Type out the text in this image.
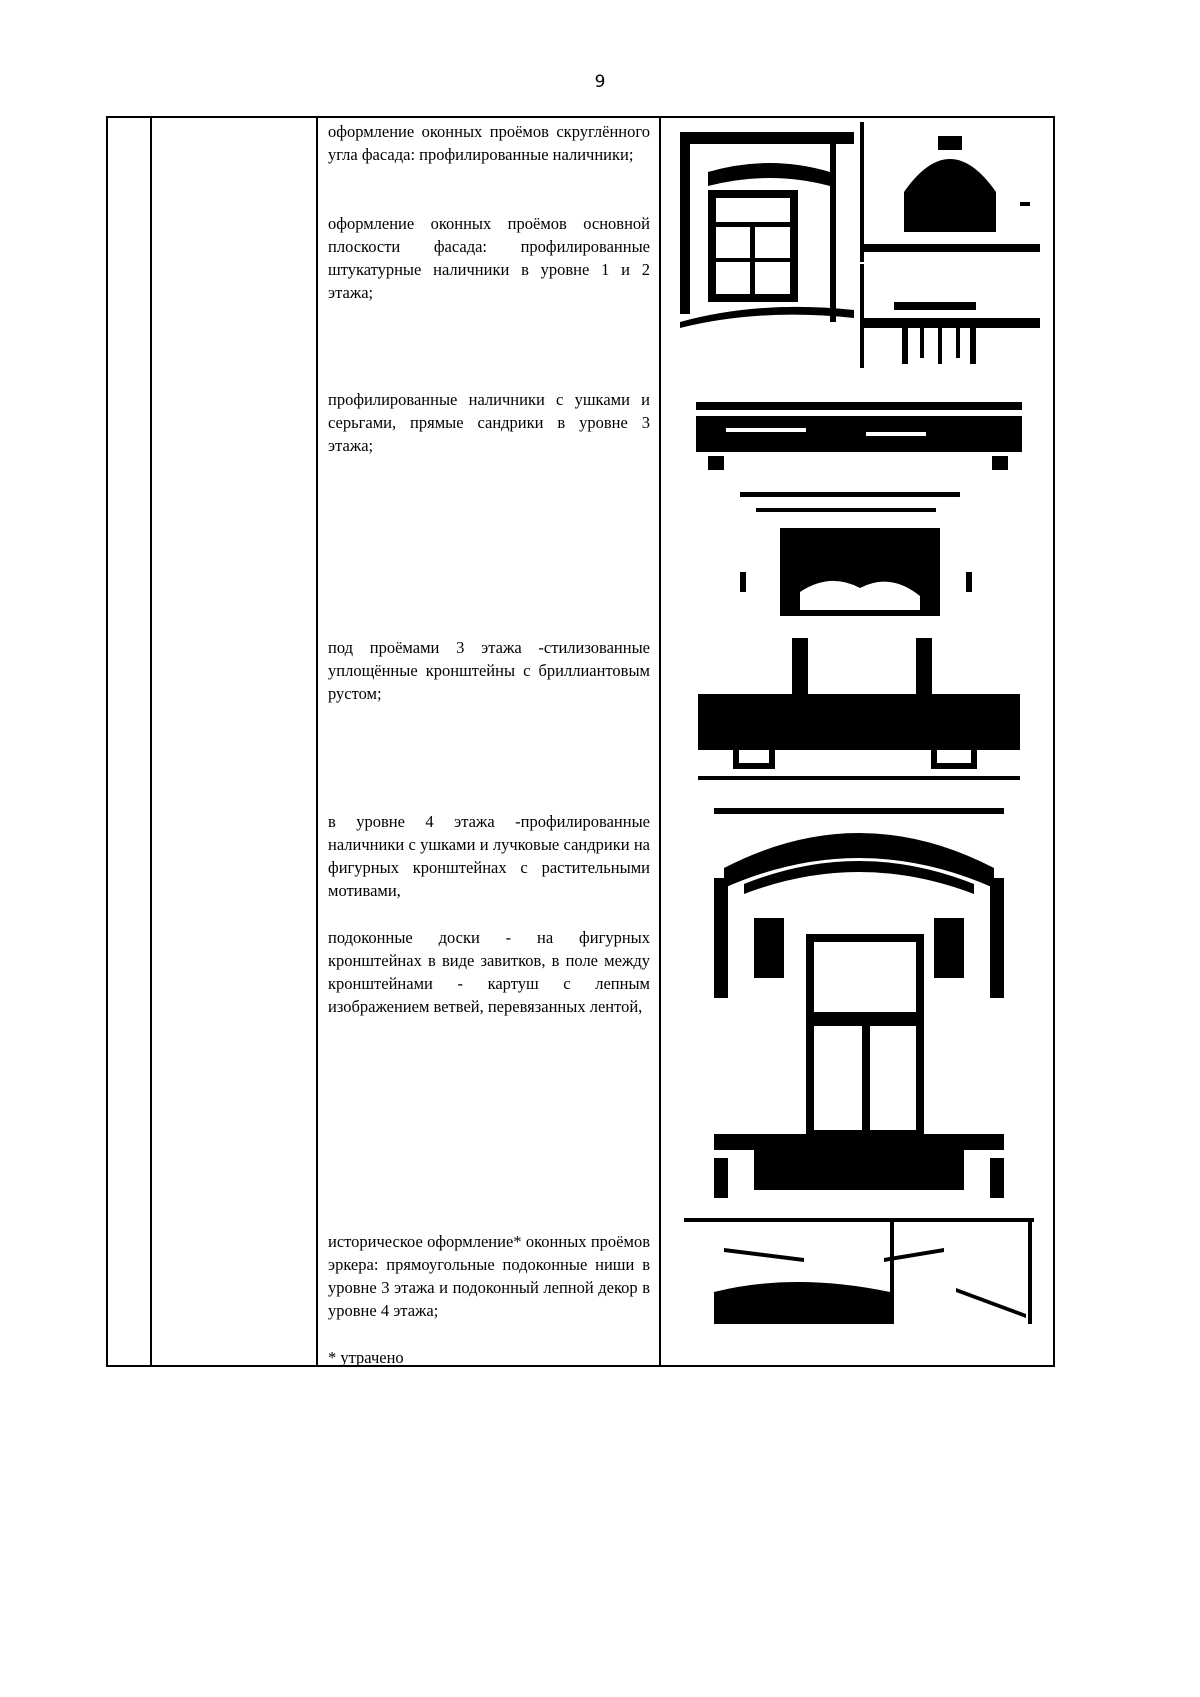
9
оформление оконных проёмов скруглённого угла фасада: профилированные наличники;
оформление оконных проёмов основной плоскости фасада: профилированные штукатурные наличники в уровне 1 и 2 этажа;
профилированные наличники с ушками и серьгами, прямые сандрики в уровне 3 этажа;
под проёмами 3 этажа -стилизованные уплощённые кронштейны с бриллиантовым рустом;
в уровне 4 этажа -профилированные наличники с ушками и лучковые сандрики на фигурных кронштейнах с растительными мотивами,
подоконные доски - на фигурных кронштейнах в виде завитков, в поле между кронштейнами - картуш с лепным изображением ветвей, перевязанных лентой,
историческое оформление* оконных проёмов эркера: прямоугольные подоконные ниши в уровне 3 этажа и подоконный лепной декор в уровне 4 этажа;
* утрачено
